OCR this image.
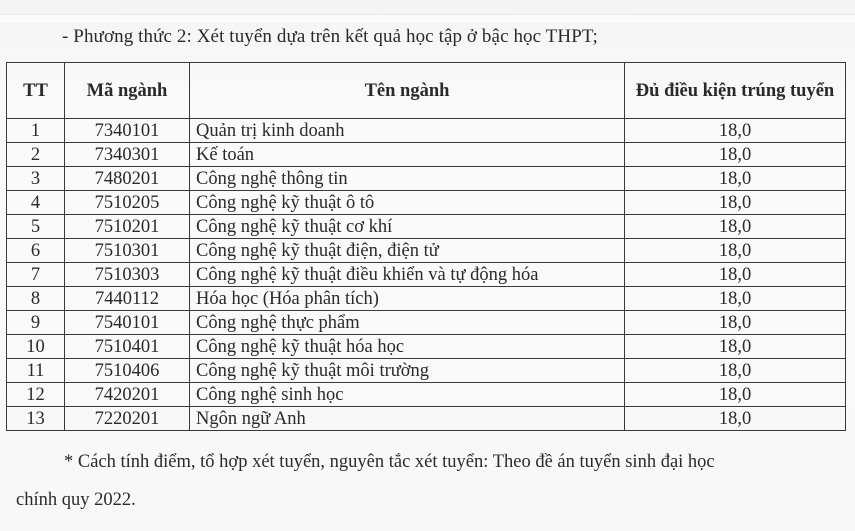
- Phương thức 2: Xét tuyển dựa trên kết quả học tập ở bậc học THPT;
TT	Mã ngành	Tên ngành	Đủ điều kiện trúng tuyển
1	7340101	Quản trị kinh doanh	18,0
2	7340301	Kế toán	18,0
3	7480201	Công nghệ thông tin	18,0
4	7510205	Công nghệ kỹ thuật ô tô	18,0
5	7510201	Công nghệ kỹ thuật cơ khí	18,0
6	7510301	Công nghệ kỹ thuật điện, điện tử	18,0
7	7510303	Công nghệ kỹ thuật điều khiển và tự động hóa	18,0
8	7440112	Hóa học (Hóa phân tích)	18,0
9	7540101	Công nghệ thực phẩm	18,0
10	7510401	Công nghệ kỹ thuật hóa học	18,0
11	7510406	Công nghệ kỹ thuật môi trường	18,0
12	7420201	Công nghệ sinh học	18,0
13	7220201	Ngôn ngữ Anh	18,0
* Cách tính điểm, tổ hợp xét tuyển, nguyên tắc xét tuyển: Theo đề án tuyển sinh đại học
chính quy 2022.
